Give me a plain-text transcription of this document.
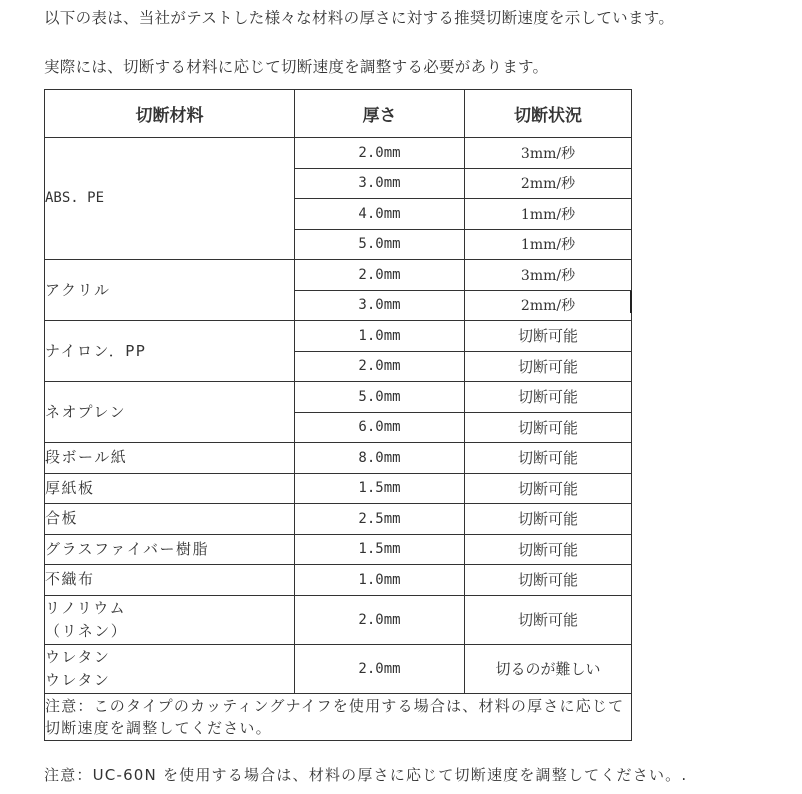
以下の表は、当社がテストした様々な材料の厚さに対する推奨切断速度を示しています。
実際には、切断する材料に応じて切断速度を調整する必要があります。
切断材料	厚さ	切断状況
ABS. PE	2.0mm	3mm/秒
	3.0mm	2mm/秒
	4.0mm	1mm/秒
	5.0mm	1mm/秒
アクリル	2.0mm	3mm/秒
	3.0mm	2mm/秒
ナイロン．PP	1.0mm	切断可能
	2.0mm	切断可能
ネオプレン	5.0mm	切断可能
	6.0mm	切断可能
段ボール紙	8.0mm	切断可能
厚紙板	1.5mm	切断可能
合板	2.5mm	切断可能
グラスファイバー樹脂	1.5mm	切断可能
不織布	1.0mm	切断可能

リノリウム
（リネン）	2.0mm	切断可能

ウレタン
ウレタン	2.0mm	切るのが難しい
注意：このタイプのカッティングナイフを使用する場合は、材料の厚さに応じて切断速度を調整してください。		
注意：UC-60N を使用する場合は、材料の厚さに応じて切断速度を調整してください。.
